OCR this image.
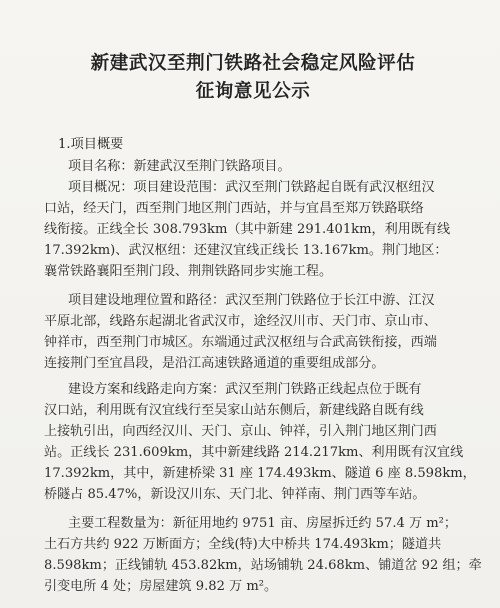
新建武汉至荆门铁路社会稳定风险评估
征询意见公示
1.项目概要
项目名称：新建武汉至荆门铁路项目。
项目概况：项目建设范围：武汉至荆门铁路起自既有武汉枢纽汉
口站，经天门，西至荆门地区荆门西站，并与宜昌至郑万铁路联络
线衔接。正线全长 308.793km（其中新建 291.401km，利用既有线
17.392km)、武汉枢纽：还建汉宜线正线长 13.167km。荆门地区：
襄常铁路襄阳至荆门段、荆荆铁路同步实施工程。
项目建设地理位置和路径：武汉至荆门铁路位于长江中游、江汉
平原北部，线路东起湖北省武汉市，途经汉川市、天门市、京山市、
钟祥市，西至荆门市城区。东端通过武汉枢纽与合武高铁衔接，西端
连接荆门至宜昌段，是沿江高速铁路通道的重要组成部分。
建设方案和线路走向方案：武汉至荆门铁路正线起点位于既有
汉口站，利用既有汉宜线行至吴家山站东侧后，新建线路自既有线
上接轨引出，向西经汉川、天门、京山、钟祥，引入荆门地区荆门西
站。正线长 231.609km，其中新建线路 214.217km、利用既有汉宜线
17.392km，其中，新建桥梁 31 座 174.493km、隧道 6 座 8.598km，
桥隧占 85.47%，新设汉川东、天门北、钟祥南、荆门西等车站。
主要工程数量为：新征用地约 9751 亩、房屋拆迁约 57.4 万 m²；
土石方共约 922 万断面方；全线(特)大中桥共 174.493km；隧道共
8.598km；正线铺轨 453.82km，站场铺轨 24.68km、铺道岔 92 组；牵
引变电所 4 处；房屋建筑 9.82 万 m²。
